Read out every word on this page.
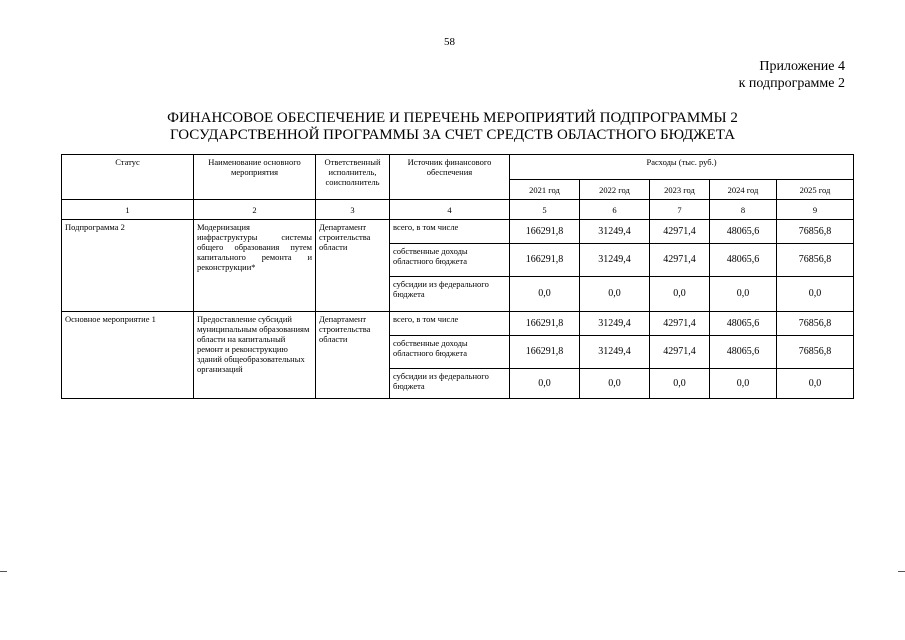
58
Приложение 4
к подпрограмме 2
ФИНАНСОВОЕ ОБЕСПЕЧЕНИЕ И ПЕРЕЧЕНЬ МЕРОПРИЯТИЙ ПОДПРОГРАММЫ 2
ГОСУДАРСТВЕННОЙ ПРОГРАММЫ ЗА СЧЕТ СРЕДСТВ ОБЛАСТНОГО БЮДЖЕТА
Статус	Наименование основного мероприятия	Ответственный исполнитель, соисполнитель	Источник финансового обеспечения	Расходы (тыс. руб.)				
				2021 год	2022 год	2023 год	2024 год	2025 год
1	2	3	4	5	6	7	8	9
Подпрограмма 2	Модернизация инфраструктуры системы общего образования путем капитального ремонта и реконструкции*	Департамент строительства области	всего, в том числе	166291,8	31249,4	42971,4	48065,6	76856,8
			собственные доходы областного бюджета	166291,8	31249,4	42971,4	48065,6	76856,8
			субсидии из федерального бюджета	0,0	0,0	0,0	0,0	0,0
Основное мероприятие 1	Предоставление субсидий муниципальным образованиям области на капитальный ремонт и реконструкцию зданий общеобразовательных организаций	Департамент строительства области	всего, в том числе	166291,8	31249,4	42971,4	48065,6	76856,8
			собственные доходы областного бюджета	166291,8	31249,4	42971,4	48065,6	76856,8
			субсидии из федерального бюджета	0,0	0,0	0,0	0,0	0,0
